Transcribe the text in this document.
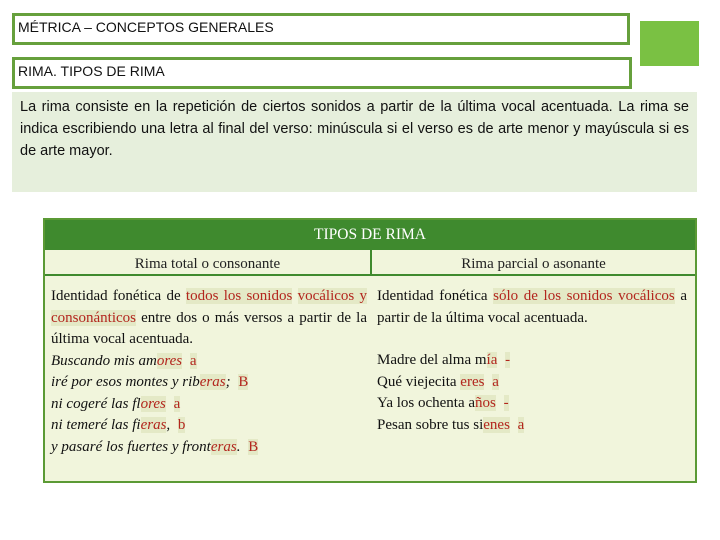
MÉTRICA – CONCEPTOS GENERALES
RIMA. TIPOS DE RIMA
La rima consiste en la repetición de ciertos sonidos a partir de la última vocal acentuada. La rima se indica escribiendo una letra al final del verso: minúscula si el verso es de arte menor y mayúscula si es de arte mayor.
TIPOS DE RIMA
Rima total o consonante	Rima parcial o asonante
Identidad fonética de todos los sonidos vocálicos y consonánticos entre dos o más versos a partir de la última vocal acentuada.
Buscando mis amores a
iré por esos montes y riberas; B
ni cogeré las flores a
ni temeré las fieras, b
y pasaré los fuertes y fronteras. B
Identidad fonética sólo de los sonidos vocálicos a partir de la última vocal acentuada.
Madre del alma mía -
Qué viejecita eres a
Ya los ochenta años -
Pesan sobre tus sienes a
